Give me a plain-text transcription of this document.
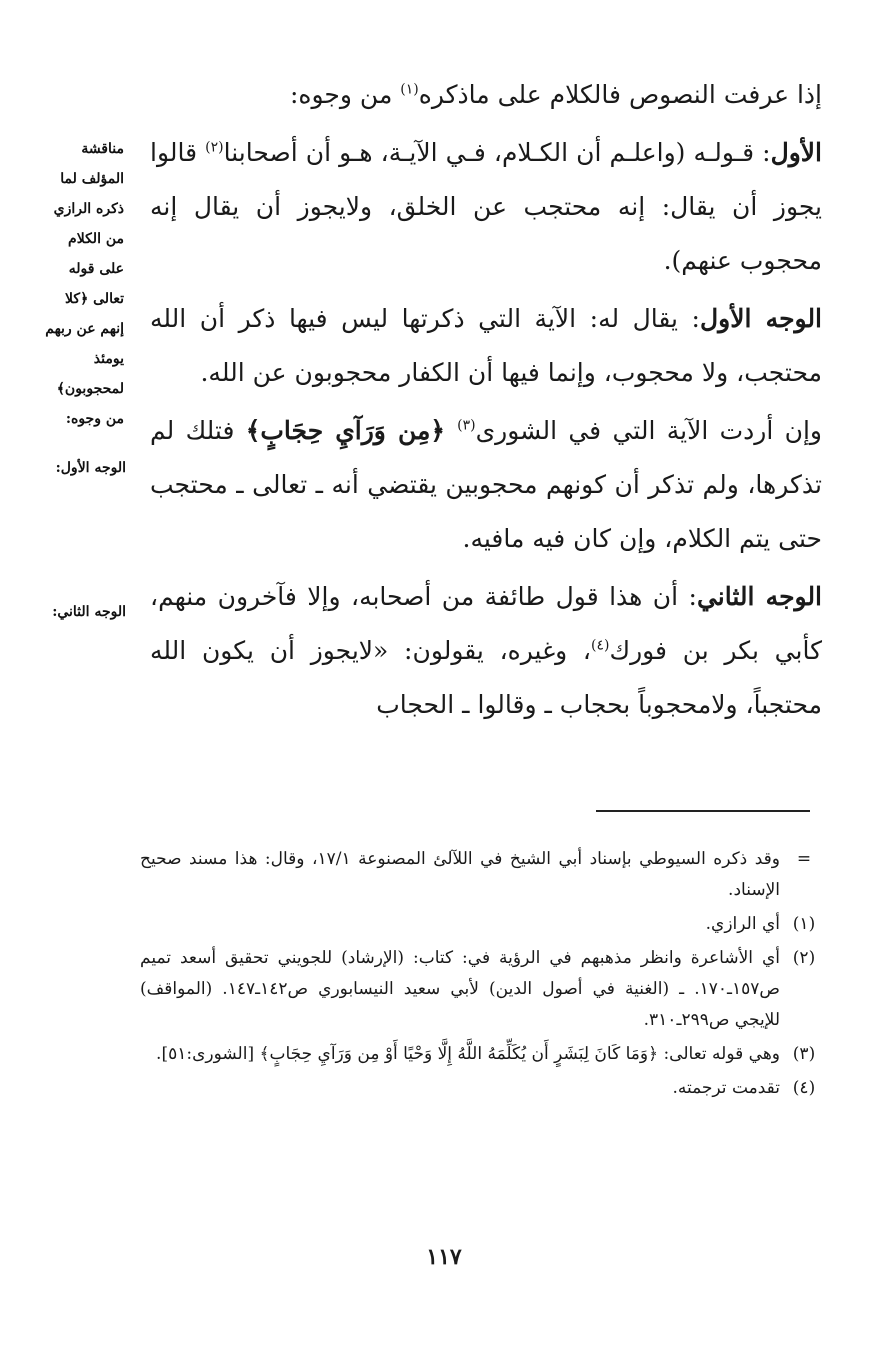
إذا عرفت النصوص فالكلام على ماذكره$^{(١)}$ من وجوه:

الأول: قـولـه (واعلـم أن الكـلام، فـي الآيـة، هـو أن أصحابنا$^{(٢)}$ قالوا يجوز أن يقال: إنه محتجب عن الخلق، ولايجوز أن يقال إنه محجوب عنهم).

الوجه الأول: يقال له: الآية التي ذكرتها ليس فيها ذكر أن الله محتجب، ولا محجوب، وإنما فيها أن الكفار محجوبون عن الله.

وإن أردت الآية التي في الشورى$^{(٣)}$ ﴿مِن وَرَآيِ حِجَابٍ﴾ فتلك لم تذكرها، ولم تذكر أن كونهم محجوبين يقتضي أنه ـ تعالى ـ محتجب حتى يتم الكلام، وإن كان فيه مافيه.

الوجه الثاني: أن هذا قول طائفة من أصحابه، وإلا فآخرون منهم، كأبي بكر بن فورك$^{(٤)}$، وغيره، يقولون: «لايجوز أن يكون الله محتجباً، ولامحجوباً بحجاب ـ وقالوا ـ الحجاب

مناقشة المؤلف لما ذكره الرازي من الكلام على قوله تعالى ﴿كلا إنهم عن ربهم يومئذ لمحجوبون﴾ من وجوه:
الوجه الأول:
الوجه الثاني:
=
وقد ذكره السيوطي بإسناد أبي الشيخ في اللآلئ المصنوعة ١٧/١، وقال: هذا مسند صحيح الإسناد.
(١)
أي الرازي.
(٢)
أي الأشاعرة وانظر مذهبهم في الرؤية في: كتاب: (الإرشاد) للجويني تحقيق أسعد تميم ص١٥٧ـ١٧٠. ـ (الغنية في أصول الدين) لأبي سعيد النيسابوري ص١٤٢ـ١٤٧. (المواقف) للإيجي ص٢٩٩ـ٣١٠.
(٣)
وهي قوله تعالى: ﴿وَمَا كَانَ لِبَشَرٍ أَن يُكَلِّمَهُ اللَّهُ إِلَّا وَحْيًا أَوْ مِن وَرَآيِ حِجَابٍ﴾ [الشورى:٥١].
(٤)
تقدمت ترجمته.
١١٧
